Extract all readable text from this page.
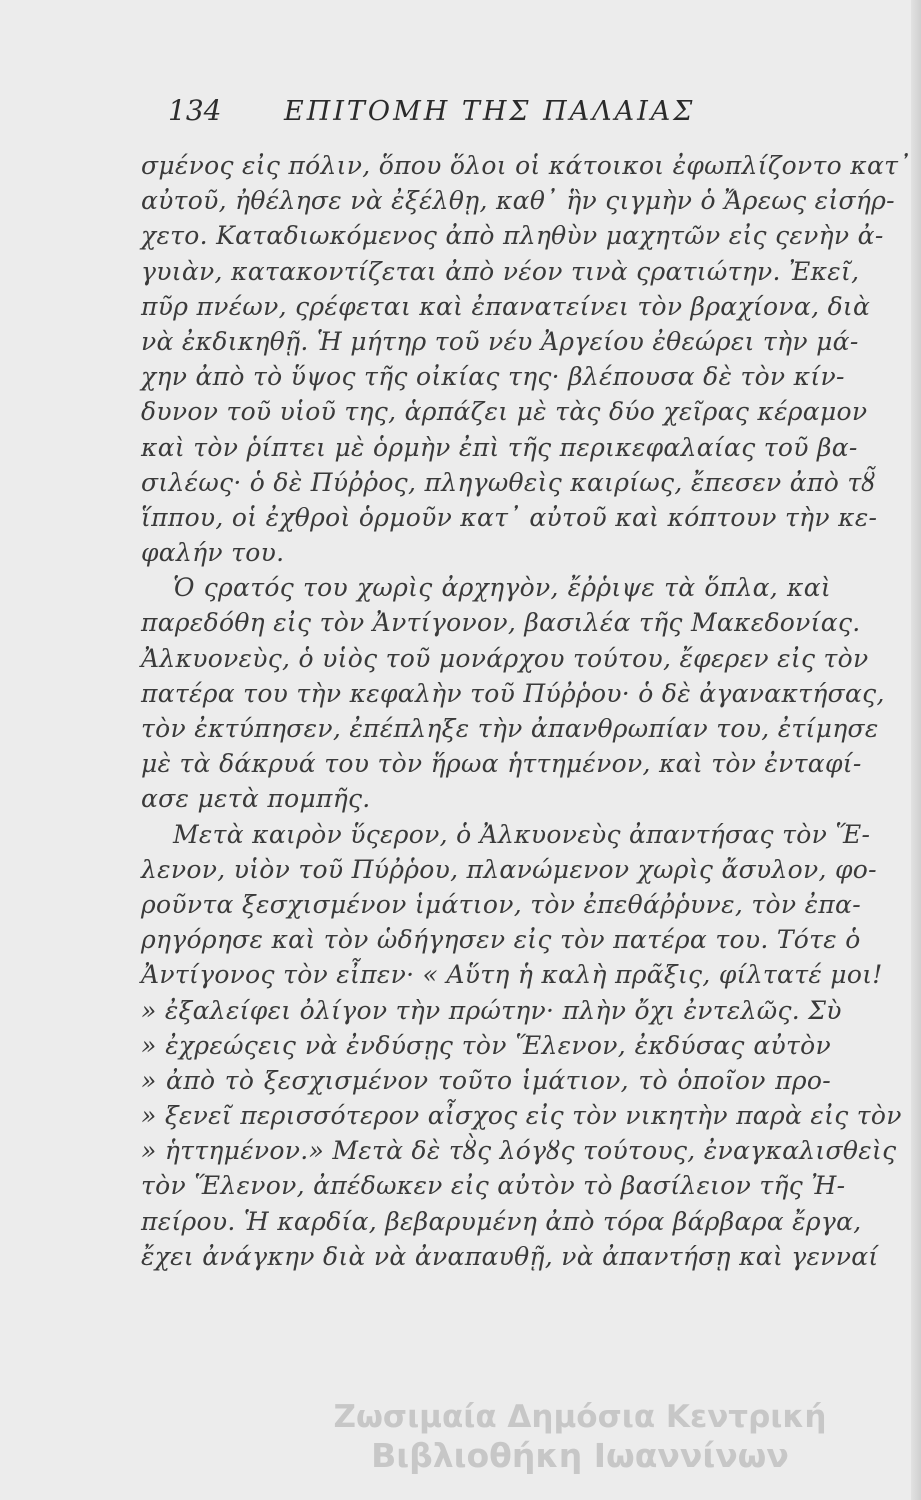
134 ΕΠΙΤΟΜΗ ΤΗΣ ΠΑΛΑΙΑΣ
σμένος εἰς πόλιν, ὅπου ὅλοι οἱ κάτοικοι ἐφωπλίζοντο κατ᾽
αὐτοῦ, ἠθέλησε νὰ ἐξέλθῃ, καθ᾽ ἣν ςιγμὴν ὁ Ἄρεως εἰσήρ-
χετο. Καταδιωκόμενος ἀπὸ πληθὺν μαχητῶν εἰς ςενὴν ἀ-
γυιὰν, κατακοντίζεται ἀπὸ νέον τινὰ ςρατιώτην. Ἐκεῖ,
πῦρ πνέων, ςρέφεται καὶ ἐπανατείνει τὸν βραχίονα, διὰ
νὰ ἐκδικηθῇ. Ἡ μήτηρ τοῦ νέυ Ἀργείου ἐθεώρει τὴν μά-
χην ἀπὸ τὸ ὕψος τῆς οἰκίας της· βλέπουσα δὲ τὸν κίν-
δυνον τοῦ υἱοῦ της, ἁρπάζει μὲ τὰς δύο χεῖρας κέραμον
καὶ τὸν ῥίπτει μὲ ὁρμὴν ἐπὶ τῆς περικεφαλαίας τοῦ βα-
σιλέως· ὁ δὲ Πύῤῥος, πληγωθεὶς καιρίως, ἔπεσεν ἀπὸ τȣ̃
ἵππου, οἱ ἐχθροὶ ὁρμοῦν κατ᾽ αὐτοῦ καὶ κόπτουν τὴν κε-
φαλήν του.
Ὁ ςρατός του χωρὶς ἀρχηγὸν, ἔῤῥιψε τὰ ὅπλα, καὶ
παρεδόθη εἰς τὸν Ἀντίγονον, βασιλέα τῆς Μακεδονίας.
Ἀλκυονεὺς, ὁ υἱὸς τοῦ μονάρχου τούτου, ἔφερεν εἰς τὸν
πατέρα του τὴν κεφαλὴν τοῦ Πύῤῥου· ὁ δὲ ἀγανακτήσας,
τὸν ἐκτύπησεν, ἐπέπληξε τὴν ἀπανθρωπίαν του, ἐτίμησε
μὲ τὰ δάκρυά του τὸν ἥρωα ἡττημένον, καὶ τὸν ἐνταφί-
ασε μετὰ πομπῆς.
Μετὰ καιρὸν ὕςερον, ὁ Ἀλκυονεὺς ἀπαντήσας τὸν Ἕ-
λενον, υἱὸν τοῦ Πύῤῥου, πλανώμενον χωρὶς ἄσυλον, φο-
ροῦντα ξεσχισμένον ἱμάτιον, τὸν ἐπεθάῤῥυνε, τὸν ἐπα-
ρηγόρησε καὶ τὸν ὡδήγησεν εἰς τὸν πατέρα του. Τότε ὁ
Ἀντίγονος τὸν εἶπεν· « Αὕτη ἡ καλὴ πρᾶξις, φίλτατέ μοι!
» ἐξαλείφει ὀλίγον τὴν πρώτην· πλὴν ὄχι ἐντελῶς. Σὺ
» ἐχρεώςεις νὰ ἐνδύσῃς τὸν Ἕλενον, ἐκδύσας αὐτὸν
» ἀπὸ τὸ ξεσχισμένον τοῦτο ἱμάτιον, τὸ ὁποῖον προ-
» ξενεῖ περισσότερον αἶσχος εἰς τὸν νικητὴν παρὰ εἰς τὸν
» ἡττημένον.» Μετὰ δὲ τȣ̀ς λόγȣς τούτους, ἐναγκαλισθεὶς
τὸν Ἕλενον, ἀπέδωκεν εἰς αὐτὸν τὸ βασίλειον τῆς Ἠ-
πείρου. Ἡ καρδία, βεβαρυμένη ἀπὸ τόρα βάρβαρα ἔργα,
ἔχει ἀνάγκην διὰ νὰ ἀναπαυθῇ, νὰ ἀπαντήσῃ καὶ γενναί
Ζωσιμαία Δημόσια Κεντρική
Βιβλιοθήκη Ιωαννίνων
